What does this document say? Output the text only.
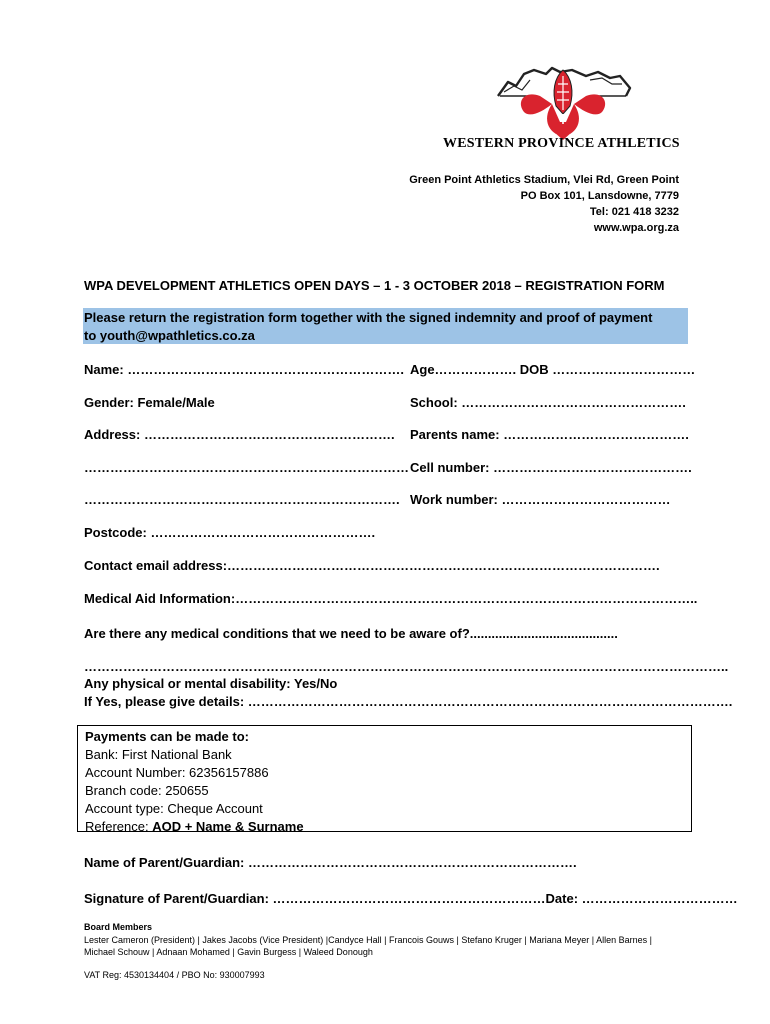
WESTERN PROVINCE ATHLETICS
Green Point Athletics Stadium, Vlei Rd, Green Point
PO Box 101, Lansdowne, 7779
Tel: 021 418 3232
www.wpa.org.za
WPA DEVELOPMENT ATHLETICS OPEN DAYS – 1 - 3 OCTOBER 2018 – REGISTRATION FORM
Please return the registration form together with the signed indemnity and proof of payment
to youth@wpathletics.co.za
Name: ………………………………………………………. Age………………. DOB ……………………………
Gender: Female/Male	School: …………………………………………….
Address: …………………………………………………. Parents name: …………………………………….
………………………………………………………………… Cell number: ……………………………………….
………………………………………………………………. Work number: …………………………………
Postcode: …………………………………………….
Contact email address:……………………………………………………………………………………….
Medical Aid Information:……………………………………………………………………………………………..
Are there any medical conditions that we need to be aware of?.........................................
…………………………………………………………………………………………………………………………………..
Any physical or mental disability: Yes/No
If Yes, please give details: ………………………………………………………………………………………………….
Payments can be made to:
Bank: First National Bank
Account Number: 62356157886
Branch code: 250655
Account type: Cheque Account
Reference: AOD + Name & Surname
Name of Parent/Guardian: ………………………………………………………………….
Signature of Parent/Guardian: ………………………………………………………Date: ………………………………
Board Members
Lester Cameron (President) | Jakes Jacobs (Vice President) |Candyce Hall | Francois Gouws | Stefano Kruger | Mariana Meyer | Allen Barnes |
Michael Schouw | Adnaan Mohamed | Gavin Burgess | Waleed Donough
VAT Reg: 4530134404 / PBO No: 930007993
